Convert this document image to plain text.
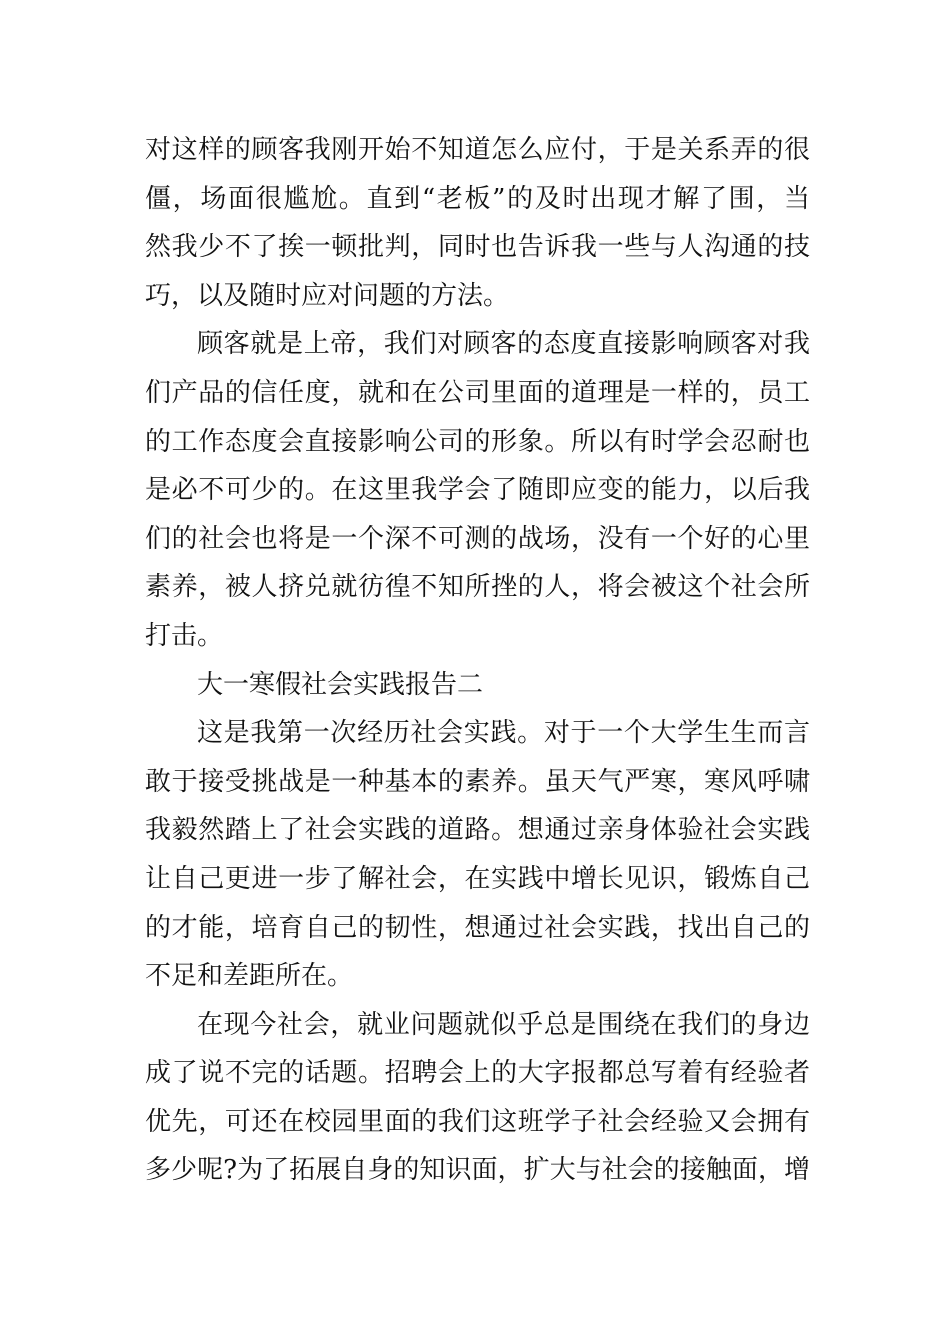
对这样的顾客我刚开始不知道怎么应付，于是关系弄的很
僵，场面很尴尬。直到“老板”的及时出现才解了围，当
然我少不了挨一顿批判，同时也告诉我一些与人沟通的技
巧，以及随时应对问题的方法。
顾客就是上帝，我们对顾客的态度直接影响顾客对我
们产品的信任度，就和在公司里面的道理是一样的，员工
的工作态度会直接影响公司的形象。所以有时学会忍耐也
是必不可少的。在这里我学会了随即应变的能力，以后我
们的社会也将是一个深不可测的战场，没有一个好的心里
素养，被人挤兑就彷徨不知所挫的人，将会被这个社会所
打击。
大一寒假社会实践报告二
这是我第一次经历社会实践。对于一个大学生生而言
敢于接受挑战是一种基本的素养。虽天气严寒，寒风呼啸
我毅然踏上了社会实践的道路。想通过亲身体验社会实践
让自己更进一步了解社会，在实践中增长见识，锻炼自己
的才能，培育自己的韧性，想通过社会实践，找出自己的
不足和差距所在。
在现今社会，就业问题就似乎总是围绕在我们的身边
成了说不完的话题。招聘会上的大字报都总写着有经验者
优先，可还在校园里面的我们这班学子社会经验又会拥有
多少呢?为了拓展自身的知识面，扩大与社会的接触面，增
